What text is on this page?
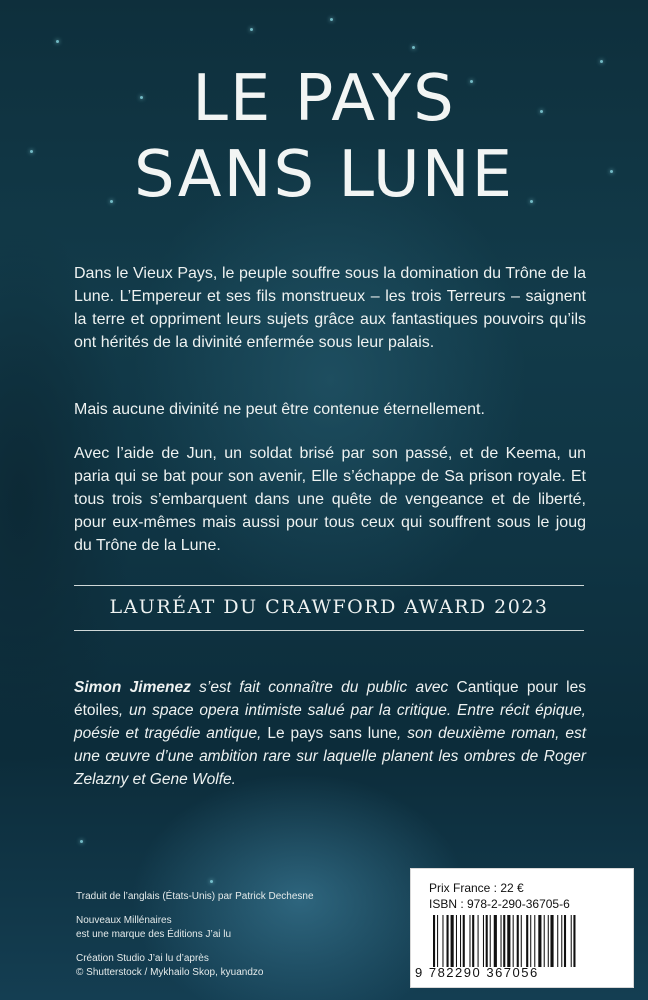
LE PAYS
SANS LUNE

Dans le Vieux Pays, le peuple souffre sous la domination du Trône de la Lune. L’Empereur et ses fils monstrueux – les trois Terreurs – saignent la terre et oppriment leurs sujets grâce aux fantastiques pouvoirs qu’ils ont hérités de la divinité enfermée sous leur palais.

Mais aucune divinité ne peut être contenue éternellement.

Avec l’aide de Jun, un soldat brisé par son passé, et de Keema, un paria qui se bat pour son avenir, Elle s’échappe de Sa prison royale. Et tous trois s’embarquent dans une quête de vengeance et de liberté, pour eux-mêmes mais aussi pour tous ceux qui souffrent sous le joug du Trône de la Lune.

LAURÉAT DU CRAWFORD AWARD 2023

Simon Jimenez s’est fait connaître du public avec Cantique pour les étoiles, un space opera intimiste salué par la critique. Entre récit épique, poésie et tragédie antique, Le pays sans lune, son deuxième roman, est une œuvre d’une ambition rare sur laquelle planent les ombres de Roger Zelazny et Gene Wolfe.

Traduit de l’anglais (États-Unis) par Patrick Dechesne

Nouveaux Millénaires

est une marque des Éditions J’ai lu

Création Studio J’ai lu d’après

© Shutterstock / Mykhailo Skop, kyuandzo

Prix France : 22 €

ISBN : 978-2-290-36705-6

9 782290 367056
